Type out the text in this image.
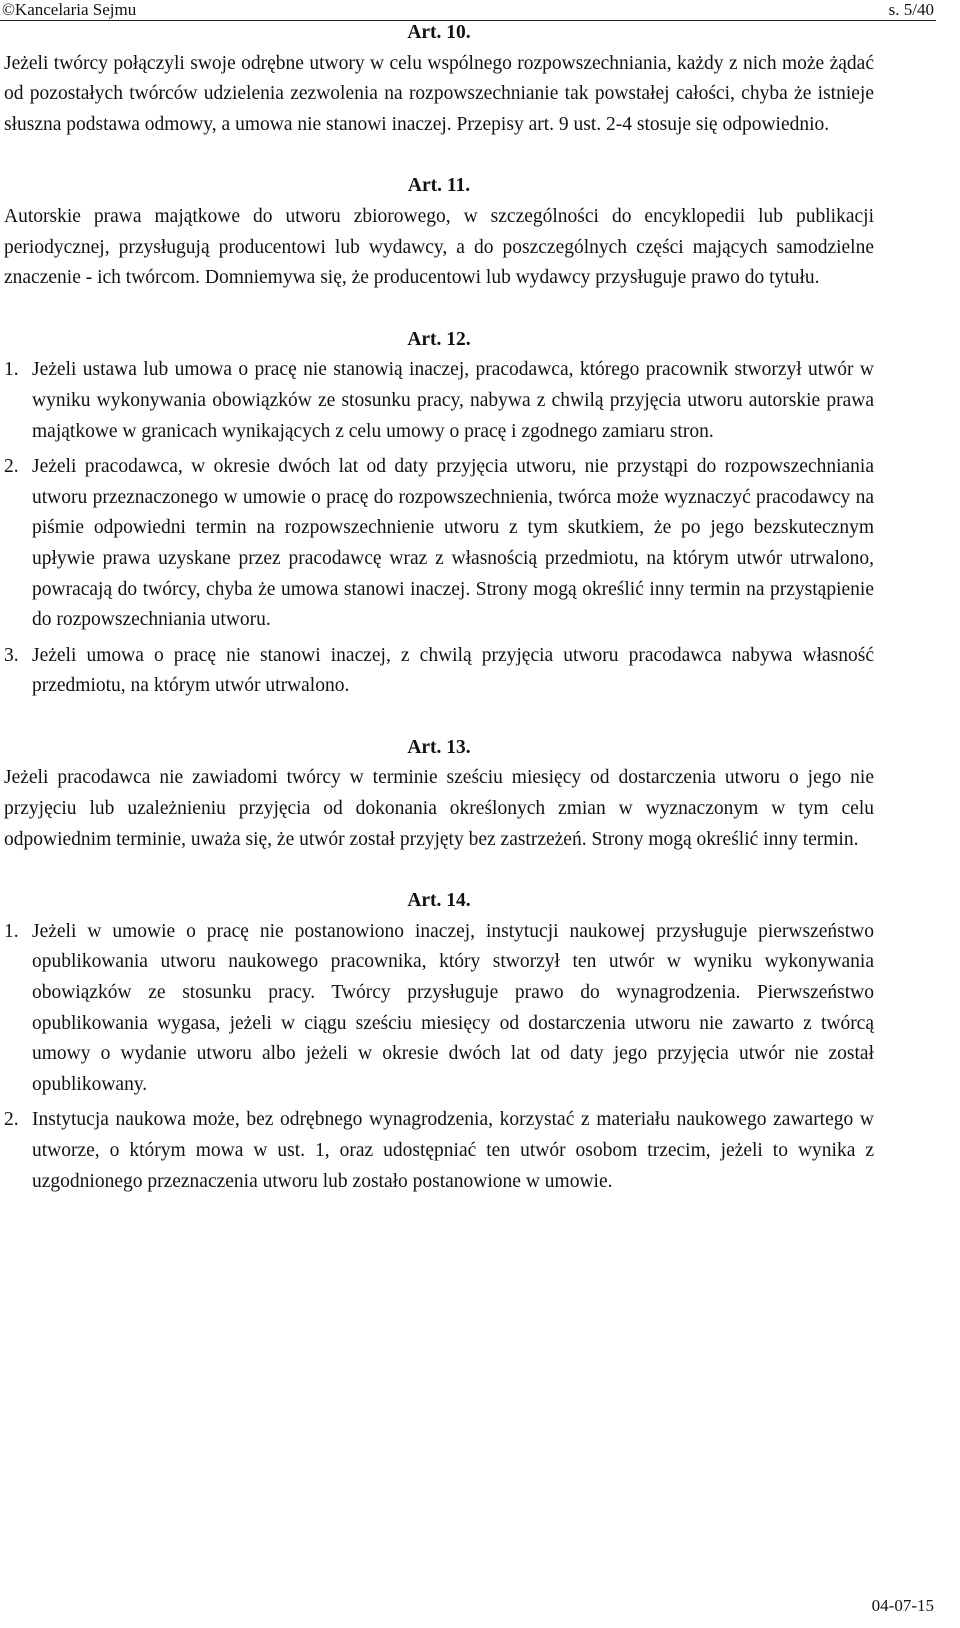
©Kancelaria Sejmu	s. 5/40
Art. 10.

Jeżeli twórcy połączyli swoje odrębne utwory w celu wspólnego rozpowszechniania, każdy z nich może żądać od pozostałych twórców udzielenia zezwolenia na rozpowszechnianie tak powstałej całości, chyba że istnieje słuszna podstawa odmowy, a umowa nie stanowi inaczej. Przepisy art. 9 ust. 2-4 stosuje się odpowiednio.

Art. 11.

Autorskie prawa majątkowe do utworu zbiorowego, w szczególności do encyklopedii lub publikacji periodycznej, przysługują producentowi lub wydawcy, a do poszczególnych części mających samodzielne znaczenie - ich twórcom. Domniemywa się, że producentowi lub wydawcy przysługuje prawo do tytułu.

Art. 12.
1. Jeżeli ustawa lub umowa o pracę nie stanowią inaczej, pracodawca, którego pracownik stworzył utwór w wyniku wykonywania obowiązków ze stosunku pracy, nabywa z chwilą przyjęcia utworu autorskie prawa majątkowe w granicach wynikających z celu umowy o pracę i zgodnego zamiaru stron.
2. Jeżeli pracodawca, w okresie dwóch lat od daty przyjęcia utworu, nie przystąpi do rozpowszechniania utworu przeznaczonego w umowie o pracę do rozpowszechnienia, twórca może wyznaczyć pracodawcy na piśmie odpowiedni termin na rozpowszechnienie utworu z tym skutkiem, że po jego bezskutecznym upływie prawa uzyskane przez pracodawcę wraz z własnością przedmiotu, na którym utwór utrwalono, powracają do twórcy, chyba że umowa stanowi inaczej. Strony mogą określić inny termin na przystąpienie do rozpowszechniania utworu.
3. Jeżeli umowa o pracę nie stanowi inaczej, z chwilą przyjęcia utworu pracodawca nabywa własność przedmiotu, na którym utwór utrwalono.
Art. 13.

Jeżeli pracodawca nie zawiadomi twórcy w terminie sześciu miesięcy od dostarczenia utworu o jego nie przyjęciu lub uzależnieniu przyjęcia od dokonania określonych zmian w wyznaczonym w tym celu odpowiednim terminie, uważa się, że utwór został przyjęty bez zastrzeżeń. Strony mogą określić inny termin.

Art. 14.
1. Jeżeli w umowie o pracę nie postanowiono inaczej, instytucji naukowej przysługuje pierwszeństwo opublikowania utworu naukowego pracownika, który stworzył ten utwór w wyniku wykonywania obowiązków ze stosunku pracy. Twórcy przysługuje prawo do wynagrodzenia. Pierwszeństwo opublikowania wygasa, jeżeli w ciągu sześciu miesięcy od dostarczenia utworu nie zawarto z twórcą umowy o wydanie utworu albo jeżeli w okresie dwóch lat od daty jego przyjęcia utwór nie został opublikowany.
2. Instytucja naukowa może, bez odrębnego wynagrodzenia, korzystać z materiału naukowego zawartego w utworze, o którym mowa w ust. 1, oraz udostępniać ten utwór osobom trzecim, jeżeli to wynika z uzgodnionego przeznaczenia utworu lub zostało postanowione w umowie.
04-07-15
